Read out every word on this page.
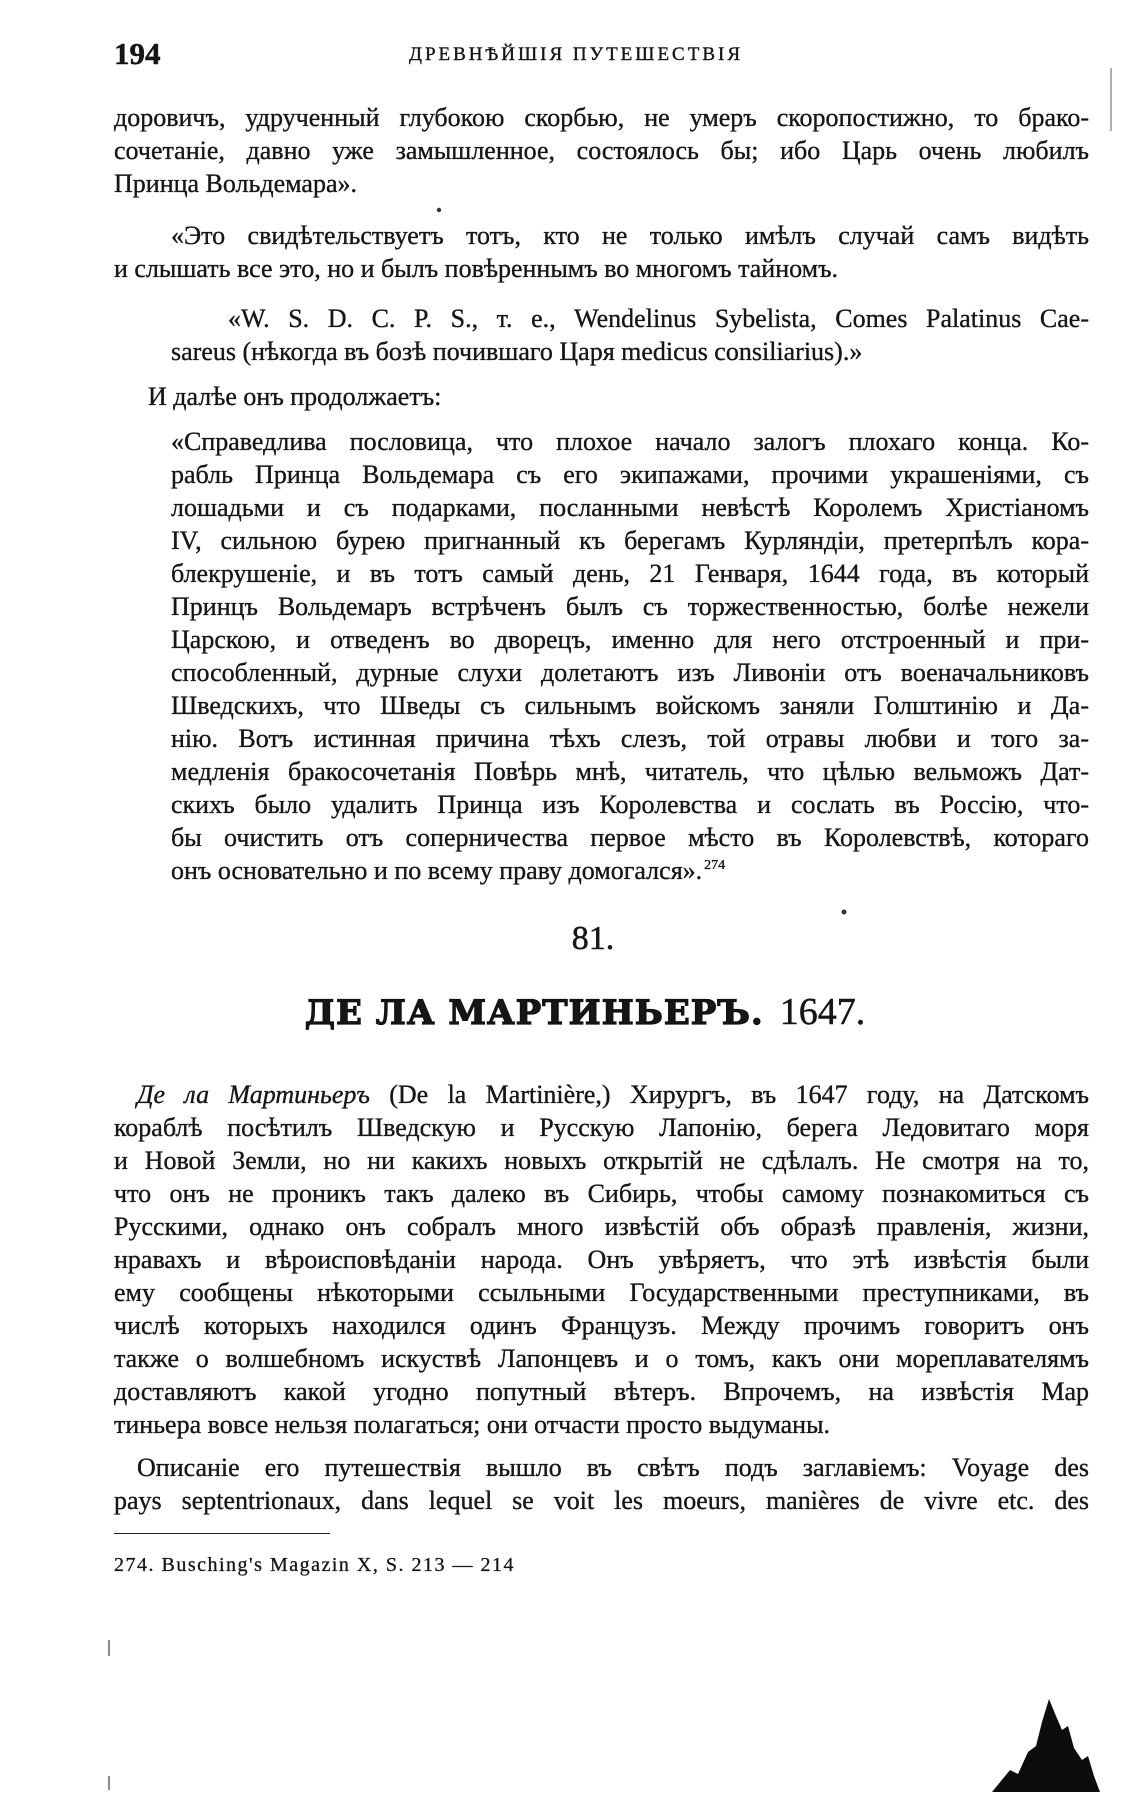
194	ДРЕВНѢЙШІЯ ПУТЕШЕСТВІЯ
доровичъ, удрученный глубокою скорбью, не умеръ скоропостижно, то брако-
сочетаніе, давно уже замышленное, состоялось бы; ибо Царь очень любилъ
Принца Вольдемара».
«Это свидѣтельствуетъ тотъ, кто не только имѣлъ случай самъ видѣть
и слышать все это, но и былъ повѣреннымъ во многомъ тайномъ.
«W. S. D. C. P. S., т. е., Wendelinus Sybelista, Comes Palatinus Cae-
sareus (нѣкогда въ бозѣ почившаго Царя medicus consiliarius).»
И далѣе онъ продолжаетъ:
«Справедлива пословица, что плохое начало залогъ плохаго конца. Ко-
рабль Принца Вольдемара съ его экипажами, прочими украшеніями, съ
лошадьми и съ подарками, посланными невѣстѣ Королемъ Христіаномъ
IV, сильною бурею пригнанный къ берегамъ Курляндіи, претерпѣлъ кора-
блекрушеніе, и въ тотъ самый день, 21 Генваря, 1644 года, въ который
Принцъ Вольдемаръ встрѣченъ былъ съ торжественностью, болѣе нежели
Царскою, и отведенъ во дворецъ, именно для него отстроенный и при-
способленный, дурные слухи долетаютъ изъ Ливоніи отъ военачальниковъ
Шведскихъ, что Шведы съ сильнымъ войскомъ заняли Голштинію и Да-
нію. Вотъ истинная причина тѣхъ слезъ, той отравы любви и того за-
медленія бракосочетанія Повѣрь мнѣ, читатель, что цѣлью вельможъ Дат-
скихъ было удалить Принца изъ Королевства и сослать въ Россію, что-
бы очистить отъ соперничества первое мѣсто въ Королевствѣ, котораго
онъ основательно и по всему праву домогался». $^{274}$
81.
ДЕ ЛА МАРТИНЬЕРЪ. 1647.
Де ла Мартиньеръ (De la Martinière,) Хирургъ, въ 1647 году, на Датскомъ
кораблѣ посѣтилъ Шведскую и Русскую Лапонію, берега Ледовитаго моря
и Новой Земли, но ни какихъ новыхъ открытій не сдѣлалъ. Не смотря на то,
что онъ не проникъ такъ далеко въ Сибирь, чтобы самому познакомиться съ
Русскими, однако онъ собралъ много извѣстій объ образѣ правленія, жизни,
нравахъ и вѣроисповѣданіи народа. Онъ увѣряетъ, что этѣ извѣстія были
ему сообщены нѣкоторыми ссыльными Государственными преступниками, въ
числѣ которыхъ находился одинъ Французъ. Между прочимъ говоритъ онъ
также о волшебномъ искуствѣ Лапонцевъ и о томъ, какъ они мореплавателямъ
доставляютъ какой угодно попутный вѣтеръ. Впрочемъ, на извѣстія Мар
тиньера вовсе нельзя полагаться; они отчасти просто выдуманы.
Описаніе его путешествія вышло въ свѣтъ подъ заглавіемъ: Voyage des
pays septentrionaux, dans lequel se voit les moeurs, manières de vivre etc. des
274. Busching's Magazin X, S. 213 — 214
